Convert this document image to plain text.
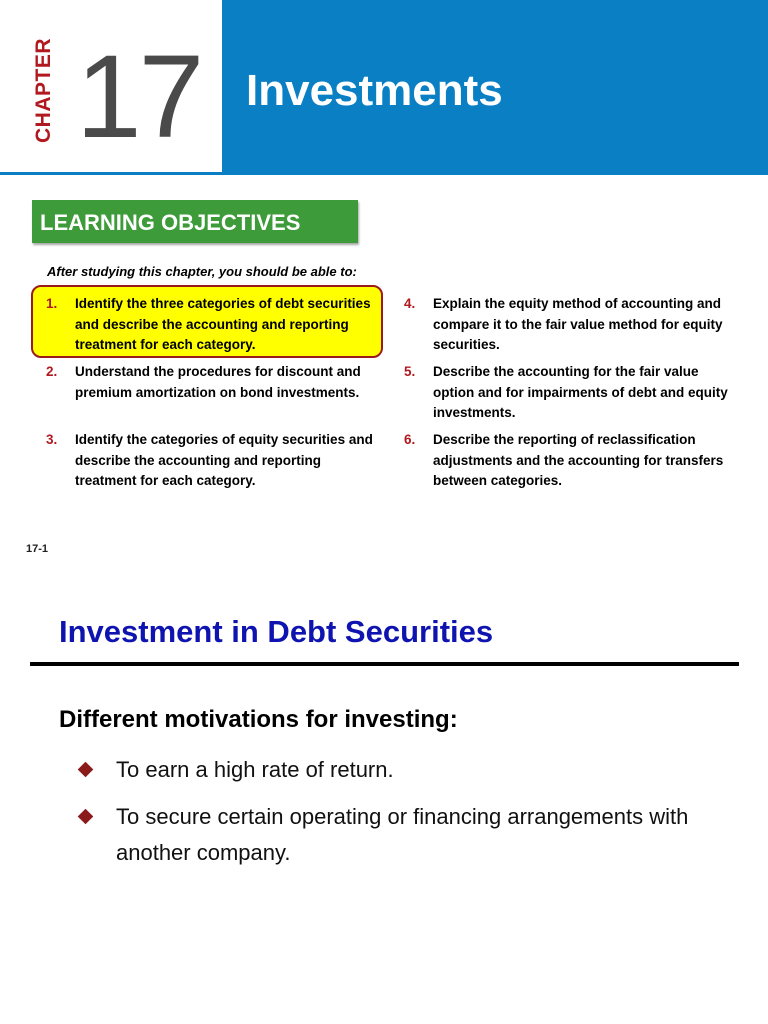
CHAPTER 17 Investments
LEARNING OBJECTIVES
After studying this chapter, you should be able to:
1. Identify the three categories of debt securities and describe the accounting and reporting treatment for each category.
2. Understand the procedures for discount and premium amortization on bond investments.
3. Identify the categories of equity securities and describe the accounting and reporting treatment for each category.
4. Explain the equity method of accounting and compare it to the fair value method for equity securities.
5. Describe the accounting for the fair value option and for impairments of debt and equity investments.
6. Describe the reporting of reclassification adjustments and the accounting for transfers between categories.
17-1
Investment in Debt Securities
Different motivations for investing:
To earn a high rate of return.
To secure certain operating or financing arrangements with another company.
